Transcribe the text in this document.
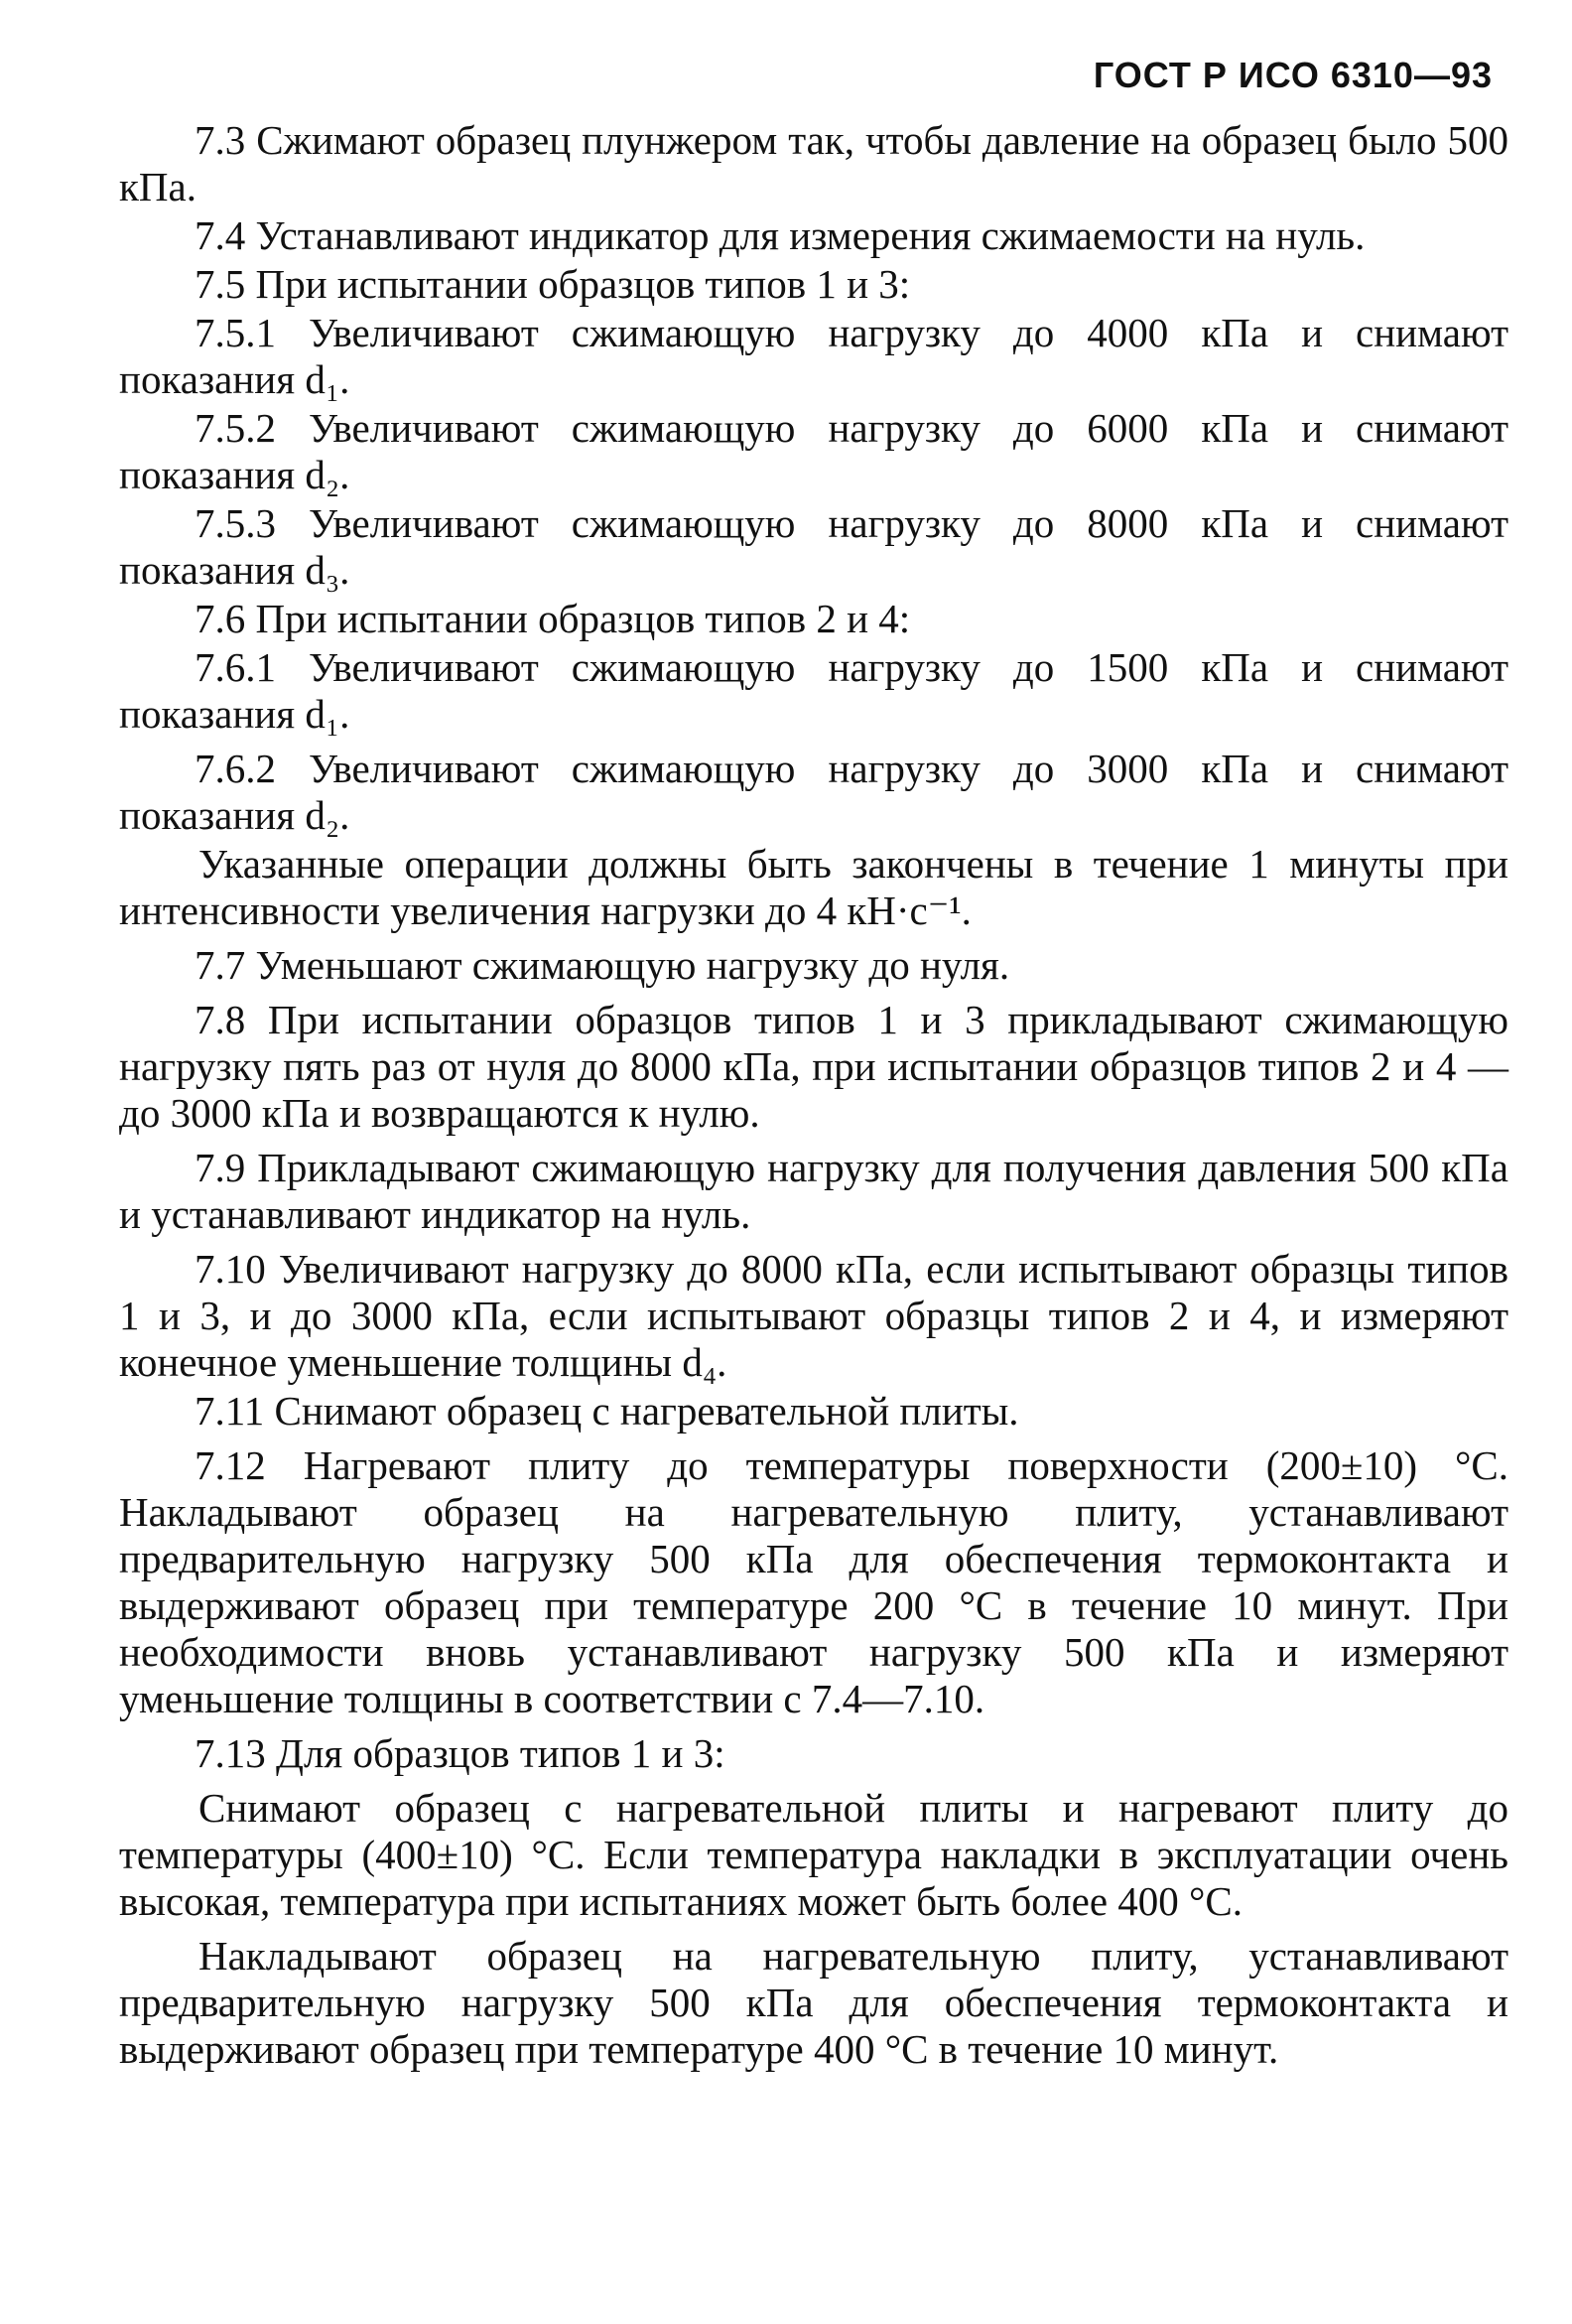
ГОСТ Р ИСО 6310—93

7.3 Сжимают образец плунжером так, чтобы давление на образец было 500 кПа.

7.4 Устанавливают индикатор для измерения сжимаемости на нуль.

7.5 При испытании образцов типов 1 и 3:

7.5.1 Увеличивают сжимающую нагрузку до 4000 кПа и снимают показания d₁.

7.5.2 Увеличивают сжимающую нагрузку до 6000 кПа и снимают показания d₂.

7.5.3 Увеличивают сжимающую нагрузку до 8000 кПа и снимают показания d₃.

7.6 При испытании образцов типов 2 и 4:

7.6.1 Увеличивают сжимающую нагрузку до 1500 кПа и снимают показания d₁.

7.6.2 Увеличивают сжимающую нагрузку до 3000 кПа и снимают показания d₂.

Указанные операции должны быть закончены в течение 1 минуты при интенсивности увеличения нагрузки до 4 кН·с⁻¹.

7.7 Уменьшают сжимающую нагрузку до нуля.

7.8 При испытании образцов типов 1 и 3 прикладывают сжимающую нагрузку пять раз от нуля до 8000 кПа, при испытании образцов типов 2 и 4 — до 3000 кПа и возвращаются к нулю.

7.9 Прикладывают сжимающую нагрузку для получения давления 500 кПа и устанавливают индикатор на нуль.

7.10 Увеличивают нагрузку до 8000 кПа, если испытывают образцы типов 1 и 3, и до 3000 кПа, если испытывают образцы типов 2 и 4, и измеряют конечное уменьшение толщины d₄.

7.11 Снимают образец с нагревательной плиты.

7.12 Нагревают плиту до температуры поверхности (200±10) °С. Накладывают образец на нагревательную плиту, устанавливают предварительную нагрузку 500 кПа для обеспечения термоконтакта и выдерживают образец при температуре 200 °С в течение 10 минут. При необходимости вновь устанавливают нагрузку 500 кПа и измеряют уменьшение толщины в соответствии с 7.4—7.10.

7.13 Для образцов типов 1 и 3:

Снимают образец с нагревательной плиты и нагревают плиту до температуры (400±10) °С. Если температура накладки в эксплуатации очень высокая, температура при испытаниях может быть более 400 °С.

Накладывают образец на нагревательную плиту, устанавливают предварительную нагрузку 500 кПа для обеспечения термоконтакта и выдерживают образец при температуре 400 °С в течение 10 минут.
